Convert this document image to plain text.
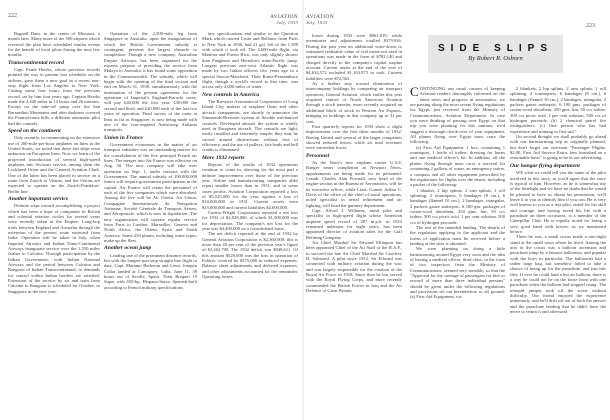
222	AVIATION
July, 1933

Bagnell Dam, in the center of Missouri, a month later. Many more of the 500 airports which received the plan have scheduled similar events for the benefit of local pilots during the next few months.

Transcontinental record

Capt. Frank Hawks, whose previous records pointed the way to present fast schedules on the airlines, gave them a new goal in a recent non-stop flight from Los Angeles to New York. Cutting some four hours from the previous record, set by him four years ago, Captain Hawks made the 2,440 miles in 13 hours and 26 minutes. Except on the take-off jump over the San Bernardino Mountains and after darkness covered the Pennsylvania hills, a different automatic pilot had the controls.

Speed on the continent

Only recently, in commenting on the extensive use of 200-mile-per-hour airplanes on lines in the United States, we noted that these fast ships were unknown on European lines. Now we learn of the projected introduction of several high-speed airplanes into Swissair service, among them the Lockheed Orion and the General Aviation Clark. One of the latter has been placed in service on a route from Zurich to Vienna, and the Orions are expected to operate on the Zurich-Frankfurt-Berlin line.

Another important service

Definite steps toward accomplishing a project which has been a hope of companies in British and colonial aviation circles for several years were recently taken in the Empire. Long-hop trials between England and Australia through the extension of the present route eastward from India. Operation will be taken in July, when Imperial Airways and Indian Trans-Continental Airways inaugurate service over the 1,550 miles farther to Calcutta. Through participation by the Indian Government, with Indian National Airways and the period between Calcutta and Rangoon of Indian Transcontinental, to demands for control within Indian borders are satisfied. Extension of the service by air and train from Calcutta to Rangoon is scheduled for October, to Singapore in the new year.

Operation of the 2,500-mile leg from Singapore to Australia, upon the inauguration of which the British Government subsidy is contingent, presents the largest obstacle to completion. Though a new company, Australian Empire Airways, has been organized for the express purpose of providing the service from Malaya to Australia, it has found some opposition in the Commonwealth. The subsidy, which will begin with the opening of the final section and end on March 31, 1939, simultaneously with the termination of the present agreement for the operation of Imperial's England-Karachi route, will pay £40,000 the first year, £30,000 the second and third, and £20,000 each of the last two years of operation. Final survey of the route at least as far as Singapore, is now being made with one of the four-engined Armstrong Atalanta transports.

Union in France

Government economies in the matter of air transport subsidies was an outstanding motive for the consolidation of the five principal French air lines. The merger into Air France was effective on Aug. 30. The new company will take over operation on Sept. 1, under contract with the Government. The annual subsidy of 190,000,000 francs will require government participation in the capital. Air France will retain the personnel of each of the five companies which were absorbed. Among the five will be Air Orient, Air Union, Compagnie Internationale de Navigation Aérienne, Société Générale de Transport Aérien, and Aéropostale, which is now in liquidation. The new organization will operate regular service from Paris to London, Marseilles, Geneva and North Africa, the Orient, Syria and South America. Some 250 planes, including water types, make up the fleet.

Another ocean jump

Leading one of the prominent distance records, but with the longest non-stop straight line flight to date, Capt. Mariano Barberan and Lieut. Joaquin Collar landed at Camaguey, Cuba, June 11, 39 hours out of Seville, Spain. Their Breguet 19 Super with 650-hp. Hispano-Suiza, Spanish-built according to French military specifications

tary specifications and similar to the Question Mark which carried Coste and Bellonte from Paris to New York in 1930, had 21 gal. left of the 1,500 with which it took off. The 4,600-mile flight, via Madeira and Puerto Rico, was only slightly shorter than Pangborn and Herndon's trans-Pacific jump. Longest previous east-west Atlantic flight was made by two Italian officers five years ago in a special Savoia-Marchetti. Their Rome-Pernambuco flight, though a world's record at that time, was across only 2,600 miles of water.

New controls in America

The Brewster Aeronautical Corporation of Long Island City, makers of seaplane floats and other aircraft components, are shortly to announce the Simmonds-Brewster system of flexible mechanical controls. Developed abroad, the system is widely used in European aircraft. The controls are light, easily installed and extremely simple; they may be curved around obstructions without loss of efficiency, and the use of pulleys, fair-leads and bell cranks is eliminated.

More 1932 reports

Reports of the results of 1932 operations continue to come in, showing for the most part a definite improvement over those of the previous year. Airline and manufacturing companies alike report smaller losses than in 1931, and in some cases profits. Aviation Corporation reported a loss of $5,525,000 for the year, against a loss of $10,000,000 in 1931. Current assets were $15,000,000 and current liabilities $2,600,000.

Curtiss-Wright Corporation reported a net loss for 1932 of $2,828,000, of which $1,500,000 was for depreciation. The company's net loss for the year was $4,490,000 on a consolidated basis.

The net deficit reported at the end of 1932 by General Aviation Corporation is $2,360,000; this is more than 40 per cent of the previous year's figure of $2,262,700. The 1932 deficit was $948,611. Of this amount $520,000 was the loss in operation of Fokker, covered by $575,000 in reduced expenses. Balance sheet adjustments and deferred expenses, and other adjustments accounted for the remainder. Operating losses

AVIATION
July, 1933
223

losses during 1932 were $861,819, while inventories and adjustments totalled $379,926. During the past year an additional write-down to estimated realizable value of real estate not used in operations was made in the form of $782,140 and charged directly to the company's capital surplus account. Current assets at the end of the year of $4,634,572 included $1,104,973 in cash. Current liabilities were $72,563.

As a further step toward elimination of intercompany holdings by competing air transport operators, General Aviation, which earlier this year acquired control of North American Aviation through a stock transfer, more recently acquired an additional block of stock in Western Air Express, bringing its holdings in that company up to 31 per cent.

First quarterly reports for 1933 show a slight improvement over the first three months of 1932. Boeing United and several of the larger companies showed reduced losses, while air mail revenues were somewhat lower.

Personnel

As the Navy's new airplane carrier U.S.S. Ranger nears completion at Newport News, appointments are being made for its personnel. Comdr. Charles Alan Pownall, now head of the engine section in the Bureau of Aeronautics, will be its executive officer, while Lieut. Comdr. Arthur C. Davis of the office of the chief of naval operations, noted specialist in aerial refinement and air fighting, will head the gunnery department.

Capt. Alford J. Williams, naval pilot and specialist in high-speed flight whose American airplane speed record of 287 m.p.h. in 1923 remained unbeaten for eight years, has been appointed director of aviation sales for the Gulf Refining Company.

Air Chief Marshal Sir Edward Ellington has been appointed Chief of the Air Staff of the R.A.F., to succeed the late Air Chief Marshal Sir Geoffrey H. Salmond. A pilot since 1912, Sir Edward was connected with military aviation during the war, and was largely responsible for the creation of the Royal Air Force in 1918. Since then he has served with the Royal Flying Corps, and more recently commanded the British Forces in Iraq and the Air Defence of Great Britain.

SIDE SLIPS
By Robert R. Osborn
C ONTINUING our usual custom of keeping Aviation readers thoroughly informed on the latest news and progress in aeronautics, we are passing along the most recent flying regulations for Egypt, just received from the Ministry of Communications, Aviation Department. In case you were thinking of passing over Egypt on that trip you were planning for this summer, we'd suggest a thorough check-over of your equipment. All planes flying over Egypt must carry the following:

(a) First Aid Equipment: 1 box, containing 1 tourniquet, 1 bottle of iodine, dressing for burns and one medical officer's kit. In addition, all the planes flying through must carry a survival kit containing 2 gallons of water, an emergency ration, a compass and all other equipment prescribed by the regulations for flights over the desert, including a packet of the following:

1 blanket, 2 hip splints, 2 arm splints, 1 roll splinting, 2 tourniquets, 6 bandages (8 cm.), 6 bandages (flannel 10 cm.), 2 bandages, triangular, 2 packets gauze antiseptic, 6 100 gm. packages of cotton-wool absorbent, 250 gms. lint, 50 ccs iodine, 300 ccs picric acid, 1 per cent solution, 500 ccs of hydrogen peroxide.

The rest of the intended landing. The details of the regulation applying to the applicant and the forms of application must be received before a landing at the sites is obtained.

We were planning on doing a little barnstorming around Egypt very soon and the idea of having a medical officer, third class, in the form of two inspectors from the Ministry of Communications, seemed very sensible, so that the "Approval for the carriage of passengers for hire or reward of more than three individual persons" should be given under the following regulations and provisions set out hereinbefore to all ground: (a) First Aid Equipment, viz.

2 blankets, 2 hip splints, 2 arm splints, 1 roll splinting, 2 tourniquets, 6 bandages (8 cm.), 6 bandages (flannel 10 cm.), 2 bandages, triangular, 2 packets gauze antiseptic, 6 100 gms. packages of cotton-wool absorbent, 250 gms. lint, 50 ccs iodine, 300 ccs picric acid, 1 per cent solution, 500 ccs of hydrogen peroxide. (b) 2 chemical petrol fire extinguishers. (c) One person who has had experience and training in first-aid."

On second thought we shall probably go ahead with our barnstorming trip as originally planned, but don't forget our one-man "Passenger Flights, $2.00, First Aid Service Extra, fees furnished on a reasonable basis" is going to be in our advertising.

Our hangar flying department

WE wish we could tell you the name of the pilot involved in this story, as you'd agree that the story is typical of him. However, as he is somewhat shy of the limelight and we have no doubt that he would be pleased to have us obtain his permission, we'll leave it to you to identify him if you can. He is very well known to you as a test pilot, noted for his skill and courage, and having saved his life with a parachute on three occasions, is a member of the Caterpillar Club. He is equally noted for being a very good hand with horses, as we mentioned before.

There he was, a small circus made a one-night stand at the small town where he lived. Among the acts in the circus was a balloon ascension and parachute jump by a famous balloonist, and popular with the boys in particular. The balloonist had a rather large bag, but somehow failed to take a chance of being up for the parachute, and just hits fifty. If ever he could land a hot air balloon, there is a way he could not be on the loose from with one parachute when the balloon had stopped rising. The intrepid jumper took off the scene without difficulty. Our friend enjoyed the experience immensely, and he'll drift off out of both the answer and the parachute landing that he didn't have the nerve to return it and afterward
